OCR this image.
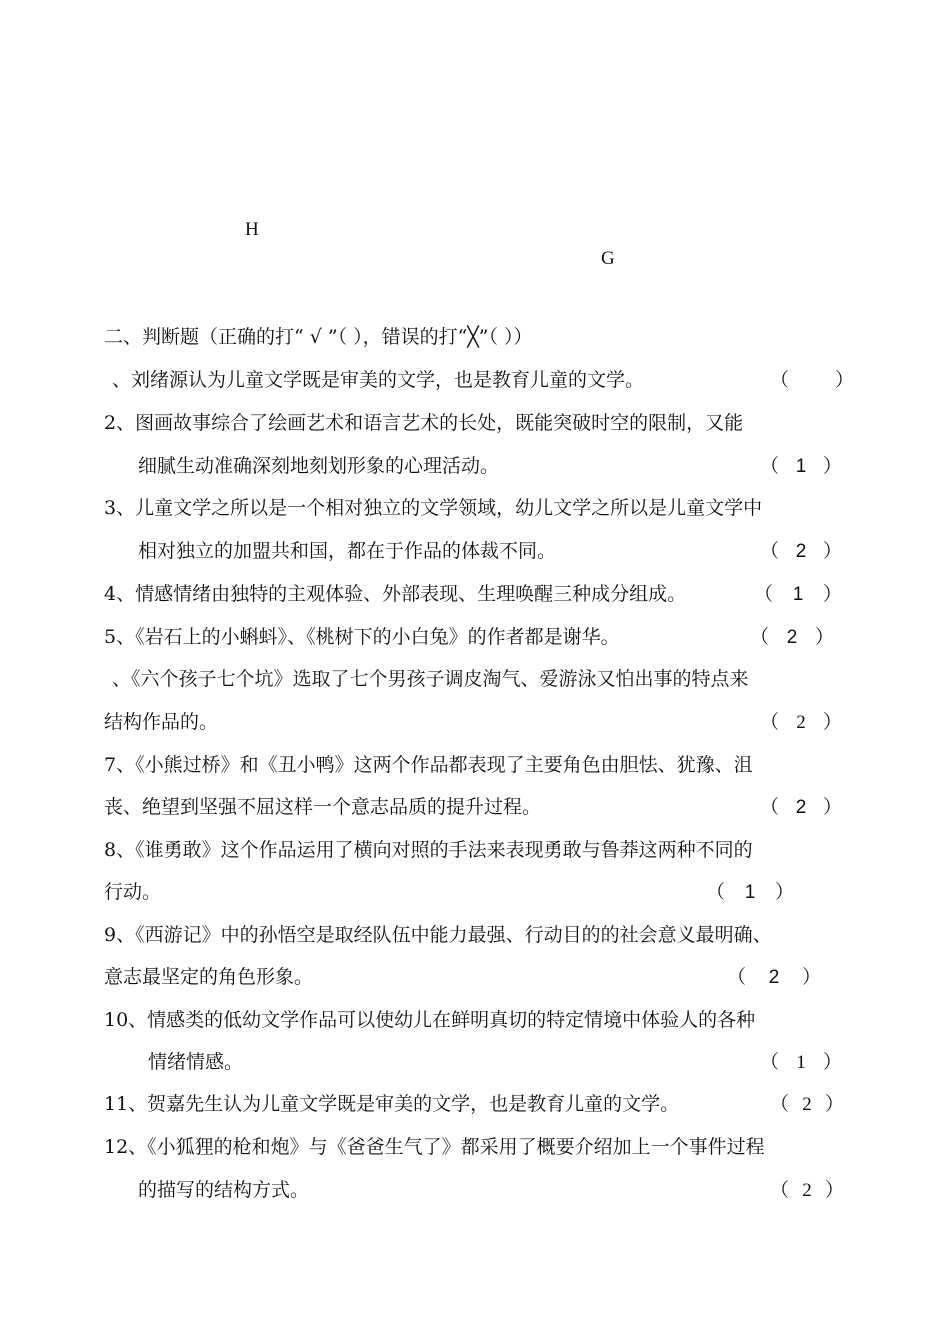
H
G
二、判断题（正确的打“ √ ”（ ），错误的打“╳”（ ））
、刘绪源认为儿童文学既是审美的文学，也是教育儿童的文学。	（ ）
2、图画故事综合了绘画艺术和语言艺术的长处，既能突破时空的限制，又能
细腻生动准确深刻地刻划形象的心理活动。	（ 1 ）
3、儿童文学之所以是一个相对独立的文学领域，幼儿文学之所以是儿童文学中
相对独立的加盟共和国，都在于作品的体裁不同。	（ 2 ）
4、情感情绪由独特的主观体验、外部表现、生理唤醒三种成分组成。	（ 1 ）
5、《岩石上的小蝌蚪》、《桃树下的小白兔》的作者都是谢华。	（ 2 ）
、《六个孩子七个坑》选取了七个男孩子调皮淘气、爱游泳又怕出事的特点来
结构作品的。	（ 2 ）
7、《小熊过桥》和《丑小鸭》这两个作品都表现了主要角色由胆怯、犹豫、沮
丧、绝望到坚强不屈这样一个意志品质的提升过程。	（ 2 ）
8、《谁勇敢》这个作品运用了横向对照的手法来表现勇敢与鲁莽这两种不同的
行动。	（ 1 ）
9、《西游记》中的孙悟空是取经队伍中能力最强、行动目的的社会意义最明确、
意志最坚定的角色形象。	（ 2 ）
10、情感类的低幼文学作品可以使幼儿在鲜明真切的特定情境中体验人的各种
情绪情感。	（ 1 ）
11、贺嘉先生认为儿童文学既是审美的文学，也是教育儿童的文学。	（ 2 ）
12、《小狐狸的枪和炮》与《爸爸生气了》都采用了概要介绍加上一个事件过程
的描写的结构方式。	（ 2 ）
